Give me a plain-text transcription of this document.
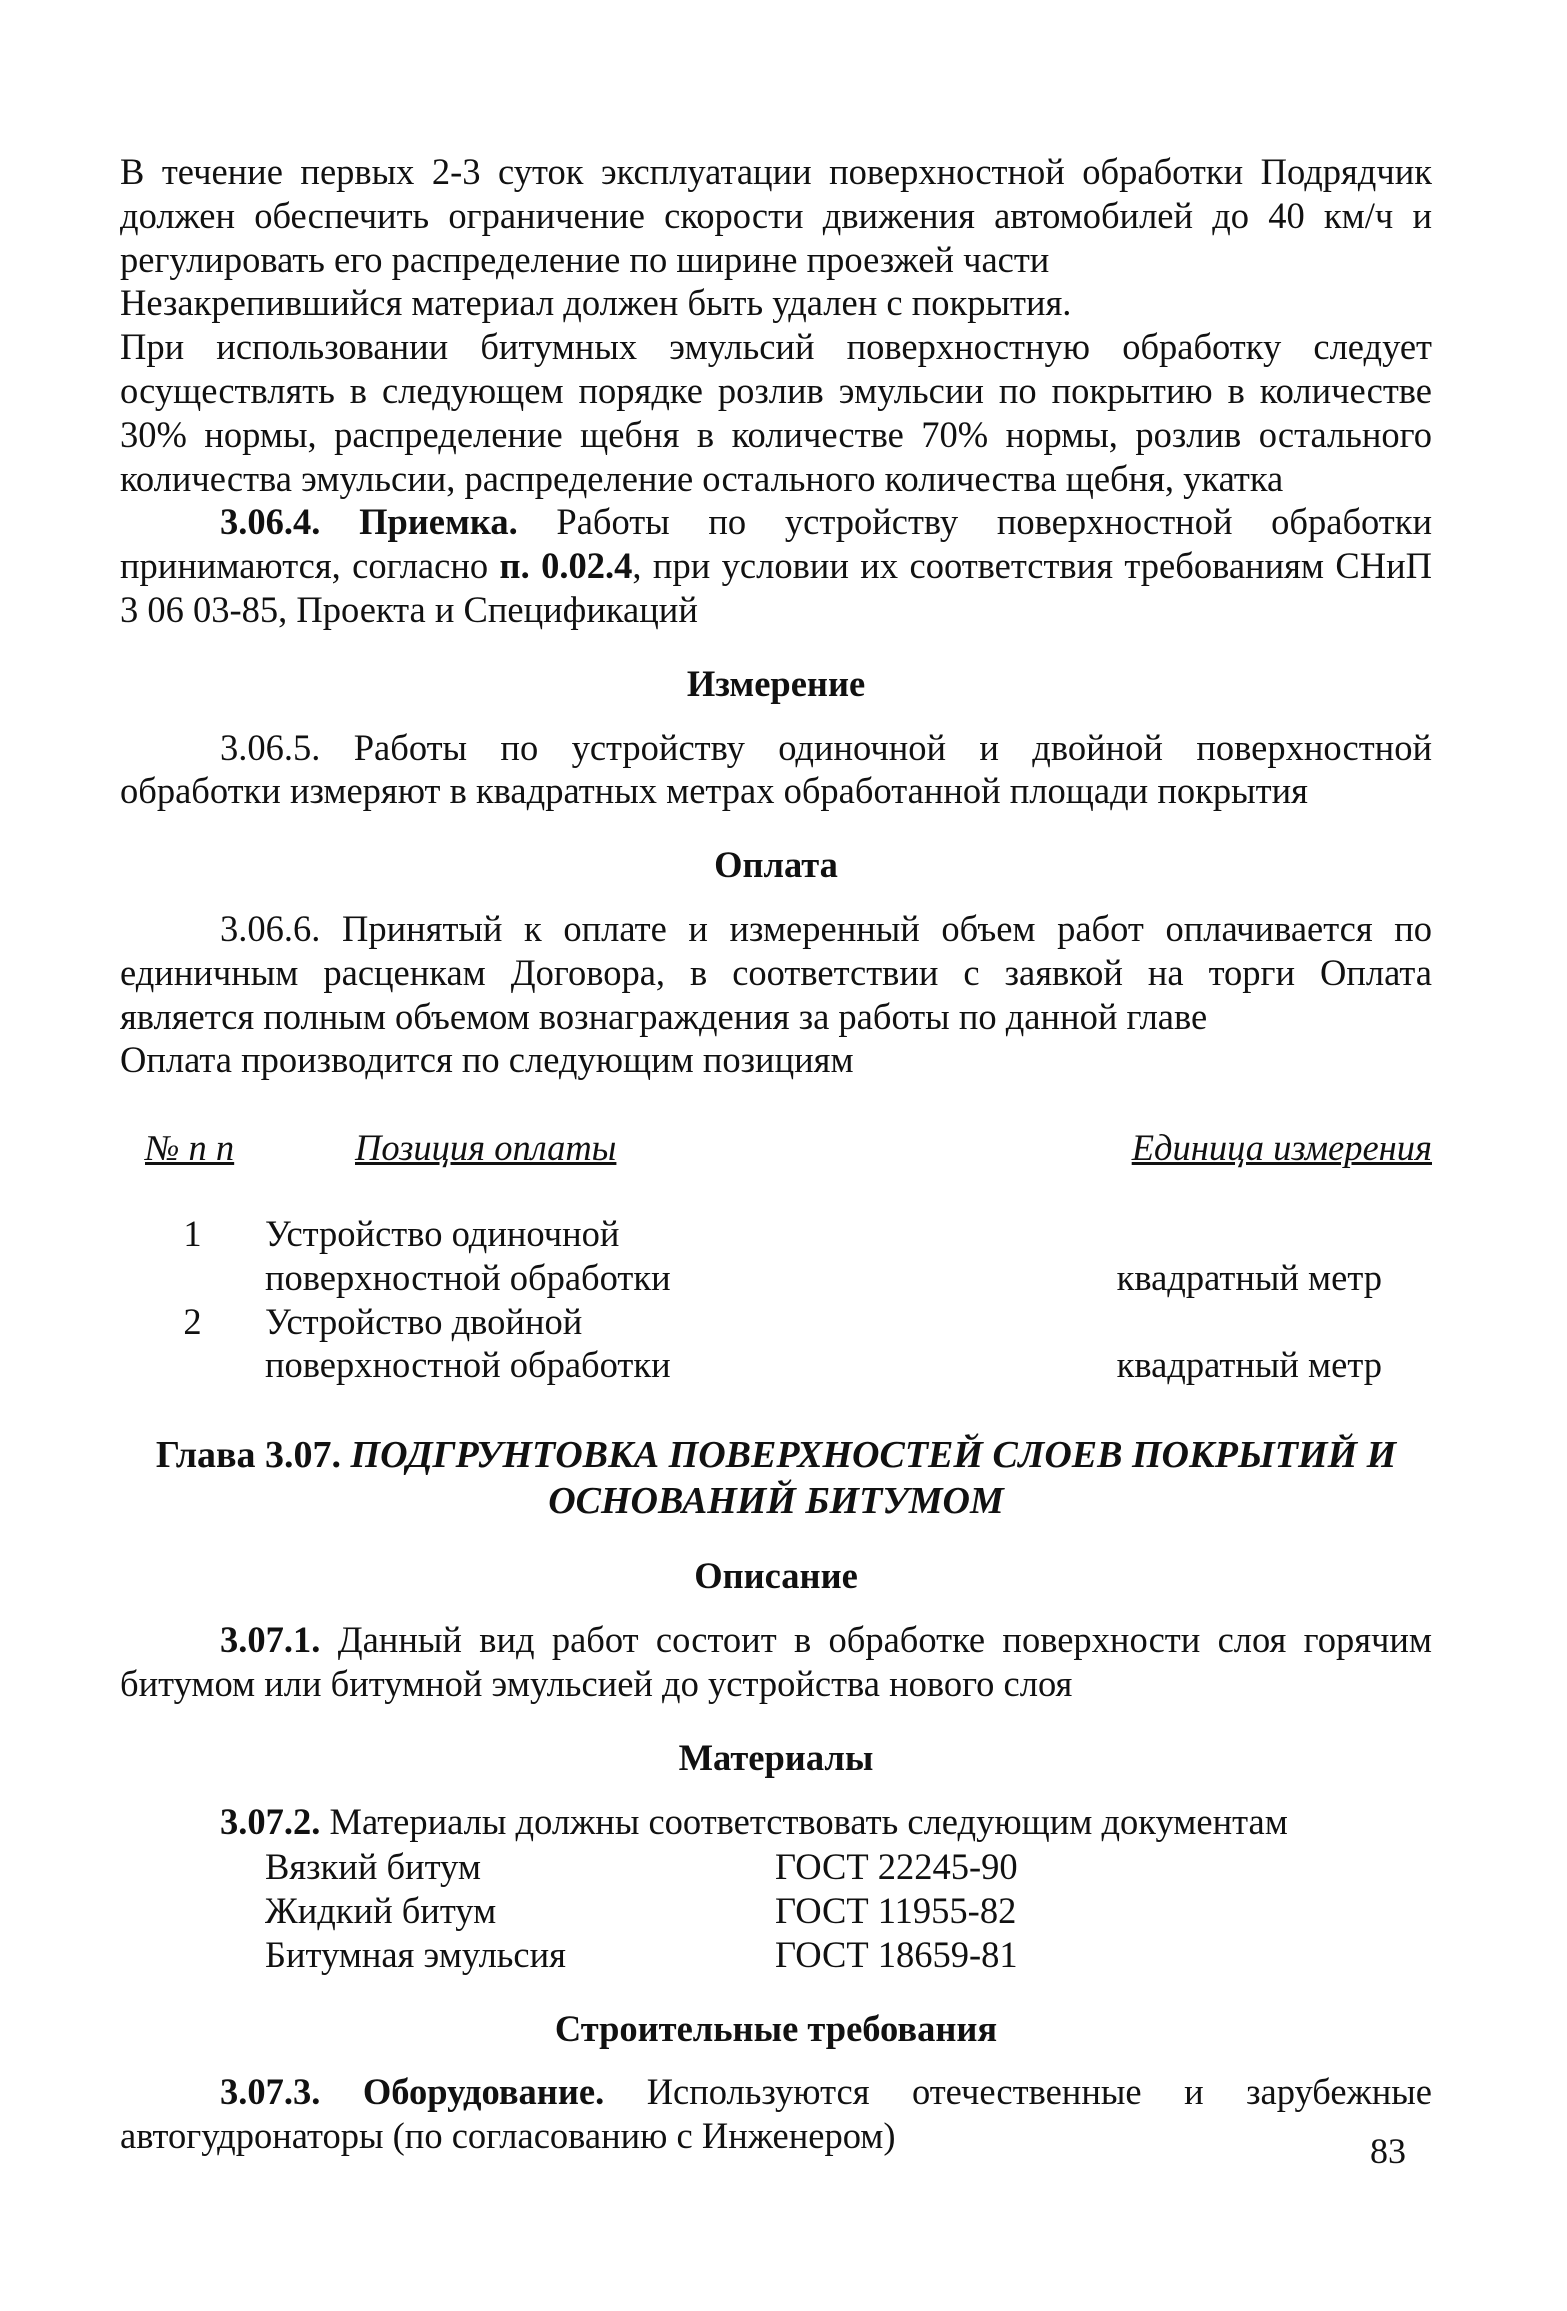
В течение первых 2-3 суток эксплуатации поверхностной обработки Подрядчик должен обеспечить ограничение скорости движения автомобилей до 40 км/ч и регулировать его распределение по ширине проезжей части

Незакрепившийся материал должен быть удален с покрытия.

При использовании битумных эмульсий поверхностную обработку следует осуществлять в следующем порядке розлив эмульсии по покрытию в количестве 30% нормы, распределение щебня в количестве 70% нормы, розлив остального количества эмульсии, распределение остального количества щебня, укатка

3.06.4. Приемка. Работы по устройству поверхностной обработки принимаются, согласно п. 0.02.4, при условии их соответствия требованиям СНиП 3 06 03-85, Проекта и Спецификаций

Измерение

3.06.5. Работы по устройству одиночной и двойной поверхностной обработки измеряют в квадратных метрах обработанной площади покрытия

Оплата

3.06.6. Принятый к оплате и измеренный объем работ оплачивается по единичным расценкам Договора, в соответствии с заявкой на торги Оплата является полным объемом вознаграждения за работы по данной главе

Оплата производится по следующим позициям

№ п п	Позиция оплаты	Единица измерения
1	Устройство одиночной поверхностной обработки	квадратный метр
2	Устройство двойной поверхностной обработки	квадратный метр
Глава 3.07. ПОДГРУНТОВКА ПОВЕРХНОСТЕЙ СЛОЕВ ПОКРЫТИЙ И ОСНОВАНИЙ БИТУМОМ
Описание

3.07.1. Данный вид работ состоит в обработке поверхности слоя горячим битумом или битумной эмульсией до устройства нового слоя

Материалы

3.07.2. Материалы должны соответствовать следующим документам

Вязкий битум	ГОСТ 22245-90
Жидкий битум	ГОСТ 11955-82
Битумная эмульсия	ГОСТ 18659-81
Строительные требования

3.07.3. Оборудование. Используются отечественные и зарубежные автогудронаторы (по согласованию с Инженером)	83
